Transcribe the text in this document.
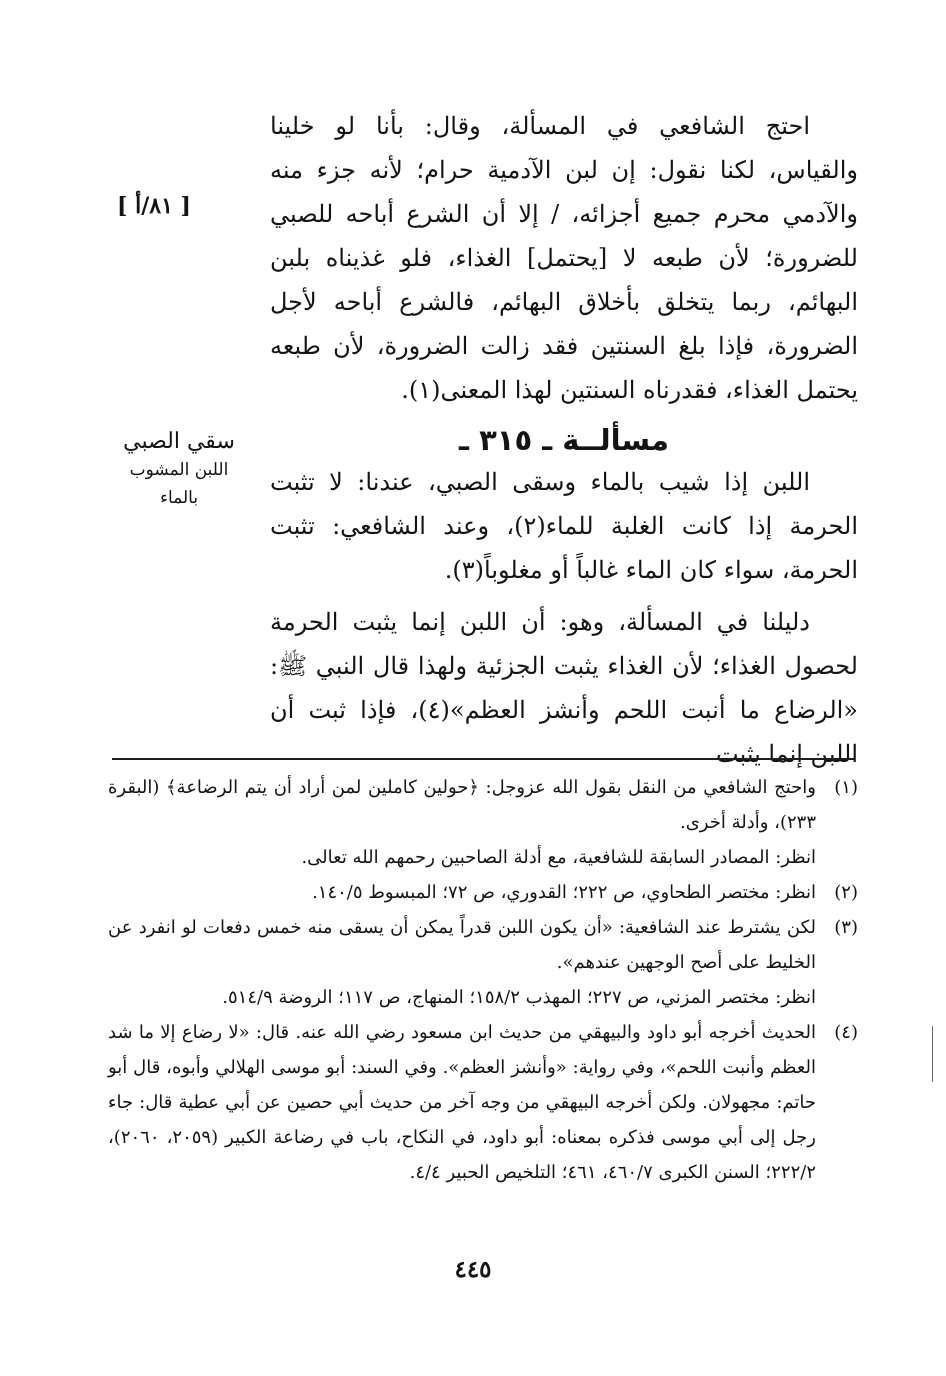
احتج الشافعي في المسألة، وقال: بأنا لو خلينا والقياس، لكنا نقول: إن لبن الآدمية حرام؛ لأنه جزء منه والآدمي محرم جميع أجزائه، / إلا أن الشرع أباحه للصبي للضرورة؛ لأن طبعه لا [يحتمل] الغذاء، فلو غذيناه بلبن البهائم، ربما يتخلق بأخلاق البهائم، فالشرع أباحه لأجل الضرورة، فإذا بلغ السنتين فقد زالت الضرورة، لأن طبعه يحتمل الغذاء، فقدرناه السنتين لهذا المعنى(١).

[ ٨١/أ ]
مسألــة ـ ٣١٥ ـ
سقي الصبي
اللبن المشوب بالماء

اللبن إذا شيب بالماء وسقى الصبي، عندنا: لا تثبت الحرمة إذا كانت الغلبة للماء(٢)، وعند الشافعي: تثبت الحرمة، سواء كان الماء غالباً أو مغلوباً(٣).

دليلنا في المسألة، وهو: أن اللبن إنما يثبت الحرمة لحصول الغذاء؛ لأن الغذاء يثبت الجزئية ولهذا قال النبي ﷺ: «الرضاع ما أنبت اللحم وأنشز العظم»(٤)، فإذا ثبت أن اللبن إنما يثبت

(١)

واحتج الشافعي من النقل بقول الله عزوجل: ﴿حولين كاملين لمن أراد أن يتم الرضاعة﴾ (البقرة ٢٣٣)، وأدلة أخرى.

انظر: المصادر السابقة للشافعية، مع أدلة الصاحبين رحمهم الله تعالى.

(٢)

انظر: مختصر الطحاوي، ص ٢٢٢؛ القدوري، ص ٧٢؛ المبسوط ١٤٠/٥.

(٣)

لكن يشترط عند الشافعية: «أن يكون اللبن قدراً يمكن أن يسقى منه خمس دفعات لو انفرد عن الخليط على أصح الوجهين عندهم».

انظر: مختصر المزني، ص ٢٢٧؛ المهذب ١٥٨/٢؛ المنهاج، ص ١١٧؛ الروضة ٥١٤/٩.

(٤)

الحديث أخرجه أبو داود والبيهقي من حديث ابن مسعود رضي الله عنه. قال: «لا رضاع إلا ما شد العظم وأنبت اللحم»، وفي رواية: «وأنشز العظم». وفي السند: أبو موسى الهلالي وأبوه، قال أبو حاتم: مجهولان. ولكن أخرجه البيهقي من وجه آخر من حديث أبي حصين عن أبي عطية قال: جاء رجل إلى أبي موسى فذكره بمعناه: أبو داود، في النكاح، باب في رضاعة الكبير (٢٠٥٩، ٢٠٦٠)، ٢٢٢/٢؛ السنن الكبرى ٤٦٠/٧، ٤٦١؛ التلخيص الحبير ٤/٤.

٤٤٥
